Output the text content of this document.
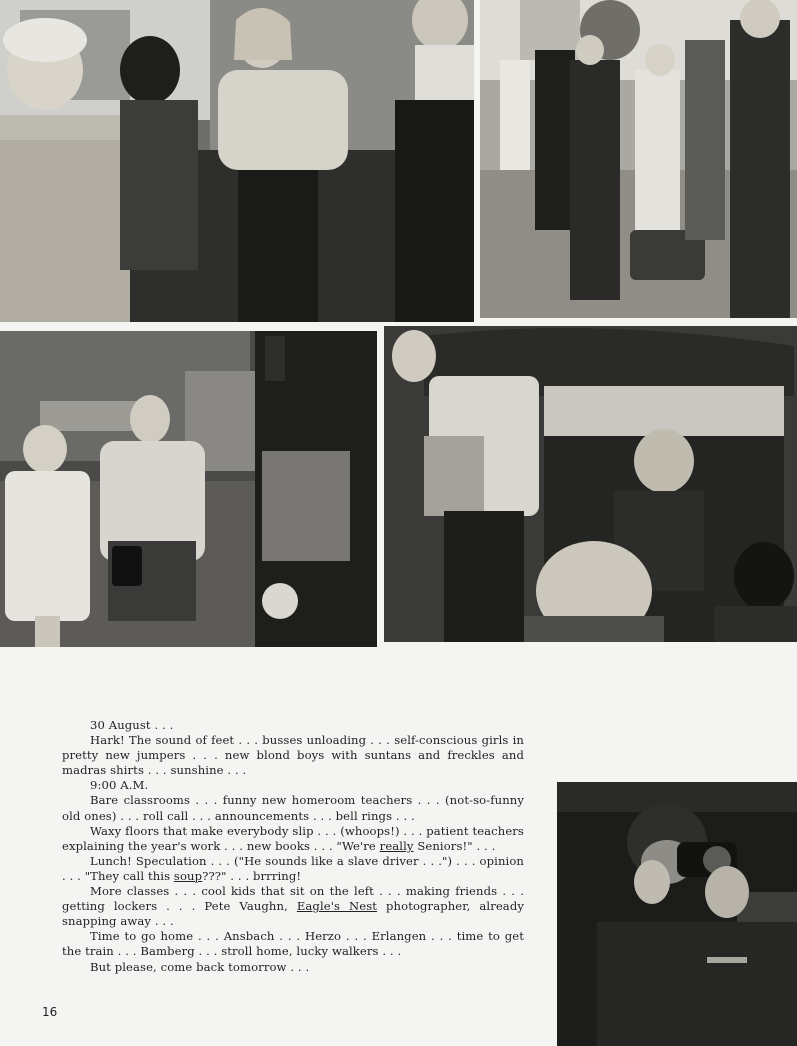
30 August . . .

Hark! The sound of feet . . . busses unloading . . . self-conscious girls in pretty new jumpers . . . new blond boys with suntans and freckles and madras shirts . . . sunshine . . .

9:00 A.M.

Bare classrooms . . . funny new homeroom teachers . . . (not-so-funny old ones) . . . roll call . . . announcements . . . bell rings . . .

Waxy floors that make everybody slip . . . (whoops!) . . . patient teachers explaining the year's work . . . new books . . . "We're really Seniors!" . . .

Lunch! Speculation . . . ("He sounds like a slave driver . . .") . . . opinion . . . "They call this soup???" . . . brrring!

More classes . . . cool kids that sit on the left . . . making friends . . . getting lockers . . . Pete Vaughn, Eagle's Nest photographer, already snapping away . . .

Time to go home . . . Ansbach . . . Herzo . . . Erlangen . . . time to get the train . . . Bamberg . . . stroll home, lucky walkers . . .

But please, come back tomorrow . . .

16
